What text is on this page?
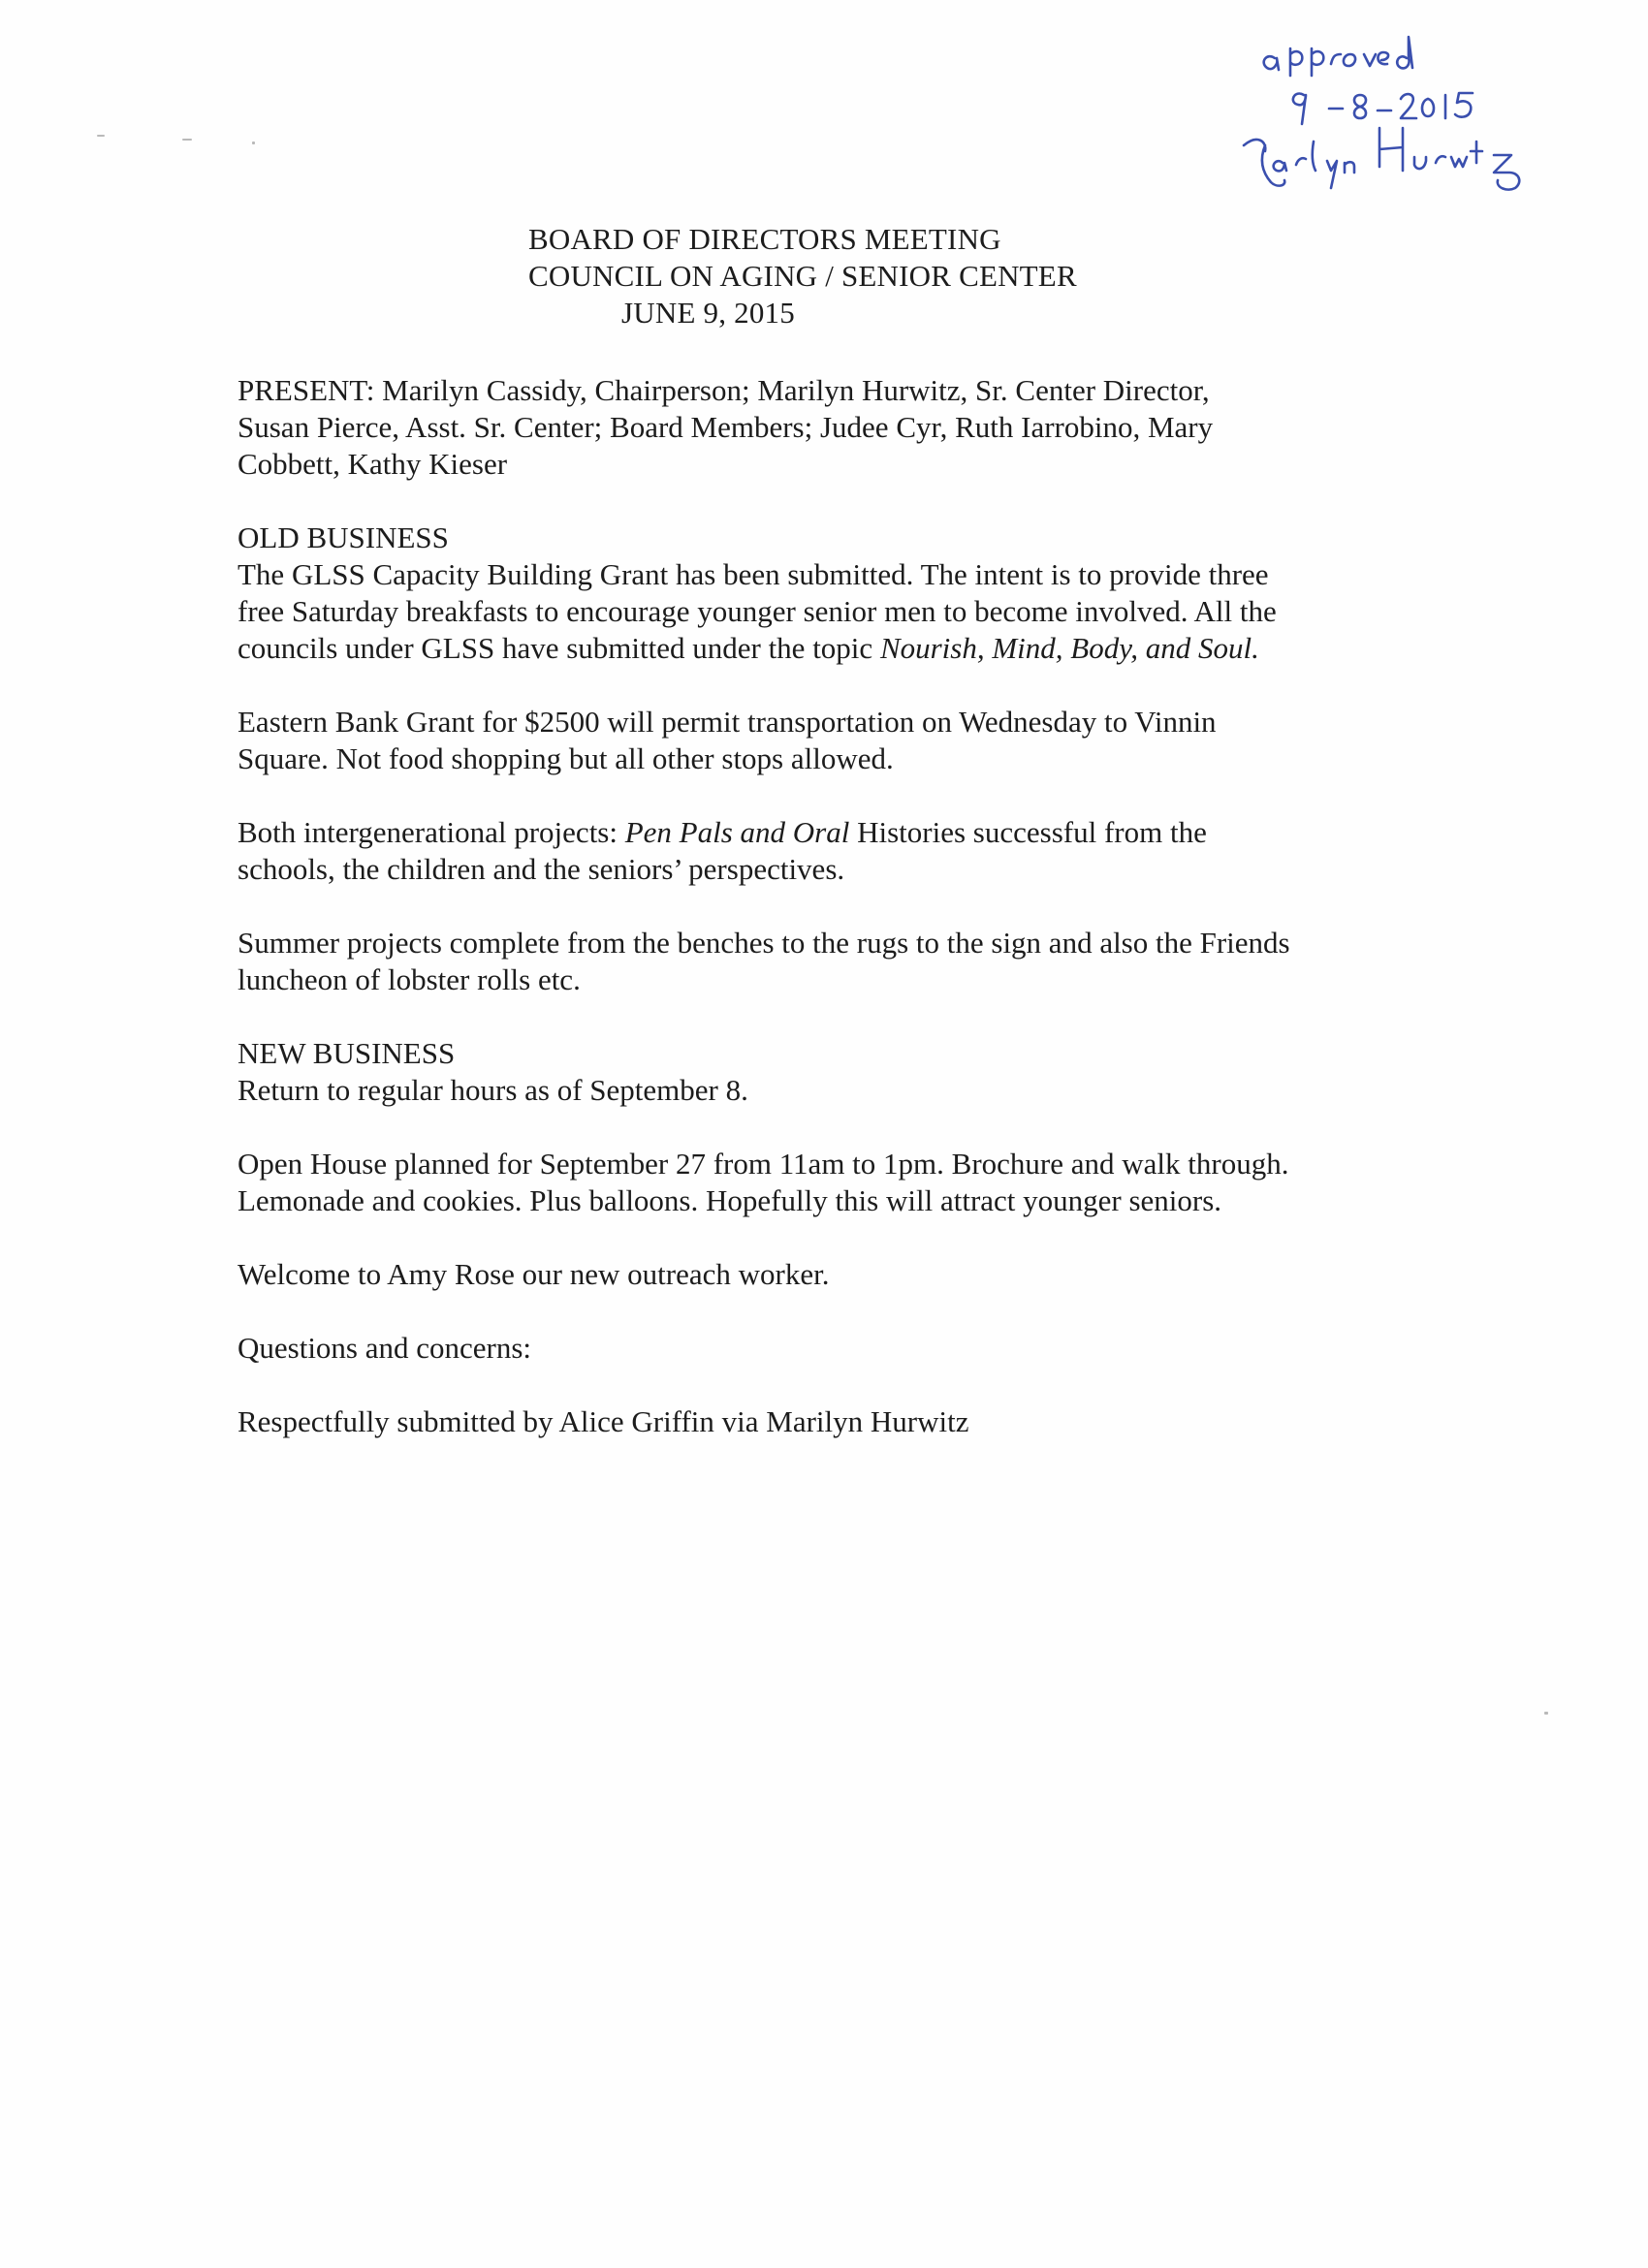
BOARD OF DIRECTORS MEETING
COUNCIL ON AGING / SENIOR CENTER
JUNE 9, 2015
PRESENT: Marilyn Cassidy, Chairperson; Marilyn Hurwitz, Sr. Center Director,
Susan Pierce, Asst. Sr. Center; Board Members; Judee Cyr, Ruth Iarrobino, Mary
Cobbett, Kathy Kieser
OLD BUSINESS
The GLSS Capacity Building Grant has been submitted. The intent is to provide three
free Saturday breakfasts to encourage younger senior men to become involved. All the
councils under GLSS have submitted under the topic Nourish, Mind, Body, and Soul.
Eastern Bank Grant for $2500 will permit transportation on Wednesday to Vinnin
Square. Not food shopping but all other stops allowed.
Both intergenerational projects: Pen Pals and Oral Histories successful from the
schools, the children and the seniors’ perspectives.
Summer projects complete from the benches to the rugs to the sign and also the Friends
luncheon of lobster rolls etc.
NEW BUSINESS
Return to regular hours as of September 8.
Open House planned for September 27 from 11am to 1pm. Brochure and walk through.
Lemonade and cookies. Plus balloons. Hopefully this will attract younger seniors.
Welcome to Amy Rose our new outreach worker.
Questions and concerns:
Respectfully submitted by Alice Griffin via Marilyn Hurwitz
